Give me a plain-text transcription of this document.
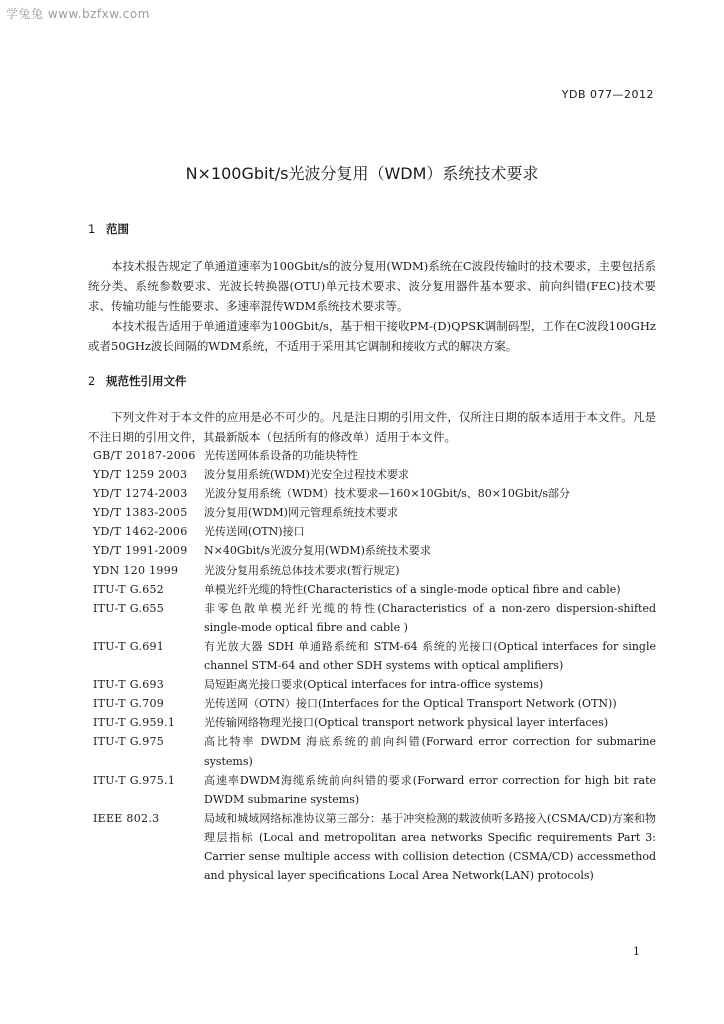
学兔兔 www.bzfxw.com
YDB 077—2012
N×100Gbit/s光波分复用（WDM）系统技术要求
1 范围
本技术报告规定了单通道速率为100Gbit/s的波分复用(WDM)系统在C波段传输时的技术要求，主要包括系统分类、系统参数要求、光波长转换器(OTU)单元技术要求、波分复用器件基本要求、前向纠错(FEC)技术要求、传输功能与性能要求、多速率混传WDM系统技术要求等。
本技术报告适用于单通道速率为100Gbit/s，基于相干接收PM-(D)QPSK调制码型，工作在C波段100GHz或者50GHz波长间隔的WDM系统，不适用于采用其它调制和接收方式的解决方案。
2 规范性引用文件
下列文件对于本文件的应用是必不可少的。凡是注日期的引用文件，仅所注日期的版本适用于本文件。凡是不注日期的引用文件，其最新版本（包括所有的修改单）适用于本文件。
GB/T 20187-2006 光传送网体系设备的功能块特性
YD/T 1259 2003	波分复用系统(WDM)光安全过程技术要求
YD/T 1274-2003	光波分复用系统（WDM）技术要求—160×10Gbit/s、80×10Gbit/s部分
YD/T 1383-2005	波分复用(WDM)网元管理系统技术要求
YD/T 1462-2006	光传送网(OTN)接口
YD/T 1991-2009	N×40Gbit/s光波分复用(WDM)系统技术要求
YDN 120 1999	光波分复用系统总体技术要求(暂行规定)
ITU-T G.652	单模光纤光缆的特性(Characteristics of a single-mode optical fibre and cable)
ITU-T G.655	非零色散单模光纤光缆的特性(Characteristics of a non-zero dispersion-shifted single-mode optical fibre and cable )
ITU-T G.691	有光放大器 SDH 单通路系统和 STM-64 系统的光接口(Optical interfaces for single channel STM-64 and other SDH systems with optical amplifiers)
ITU-T G.693	局短距离光接口要求(Optical interfaces for intra-office systems)
ITU-T G.709	光传送网（OTN）接口(Interfaces for the Optical Transport Network (OTN))
ITU-T G.959.1	光传输网络物理光接口(Optical transport network physical layer interfaces)
ITU-T G.975	高比特率 DWDM 海底系统的前向纠错(Forward error correction for submarine systems)
ITU-T G.975.1	高速率DWDM海缆系统前向纠错的要求(Forward error correction for high bit rate DWDM submarine systems)
IEEE 802.3	局域和城域网络标准协议第三部分：基于冲突检测的载波侦听多路接入(CSMA/CD)方案和物理层指标 (Local and metropolitan area networks Specific requirements Part 3: Carrier sense multiple access with collision detection (CSMA/CD) accessmethod and physical layer specifications Local Area Network(LAN) protocols)
1
